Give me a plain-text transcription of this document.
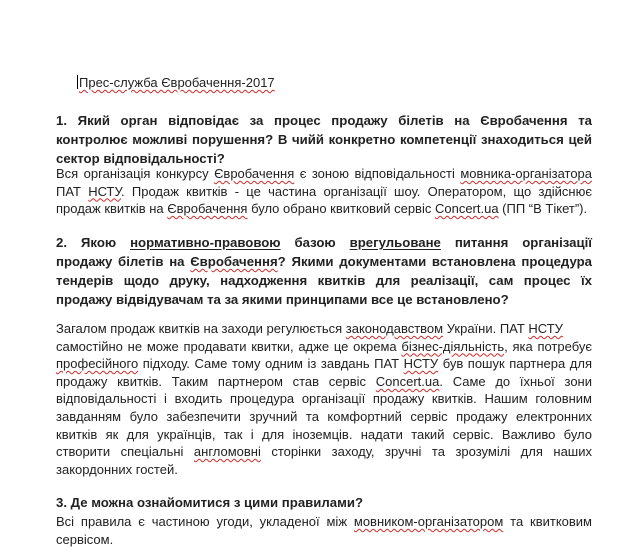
Прес-служба Євробачення-2017

1. Який орган відповідає за процес продажу білетів на Євробачення та
контролює можливі порушення? В чийй конкретно компетенції знаходиться цей
сектор відповідальності?

Вся організація конкурсу Євробачення є зоною відповідальності мовника-організатора
ПАТ НСТУ. Продаж квитків - це частина організації шоу. Оператором, що здійснює
продаж квитків на Євробачення було обрано квитковий сервіс Concert.ua (ПП “В Тікет”).

2. Якою нормативно-правовою базою врегульоване питання організації
продажу білетів на Євробачення? Якими документами встановлена процедура
тендерів щодо друку, надходження квитків для реалізації, сам процес їх
продажу відвідувачам та за якими принципами все це встановлено?

Загалом продаж квитків на заходи регулюється законодавством України. ПАТ НСТУ
самостійно не може продавати квитки, адже це окрема бізнес-діяльність, яка потребує
професійного підходу. Саме тому одним із завдань ПАТ НСТУ був пошук партнера для
продажу квитків. Таким партнером став сервіс Concert.ua. Саме до їхньої зони
відповідальності і входить процедура організації продажу квитків. Нашим головним
завданням було забезпечити зручний та комфортний сервіс продажу електронних
квитків як для українців, так і для іноземців. надати такий сервіс. Важливо було
створити спеціальні англомовні сторінки заходу, зручні та зрозумілі для наших
закордонних гостей.

3. Де можна ознайомитися з цими правилами?

Всі правила є частиною угоди, укладеної між мовником-організатором та квитковим
сервісом.
